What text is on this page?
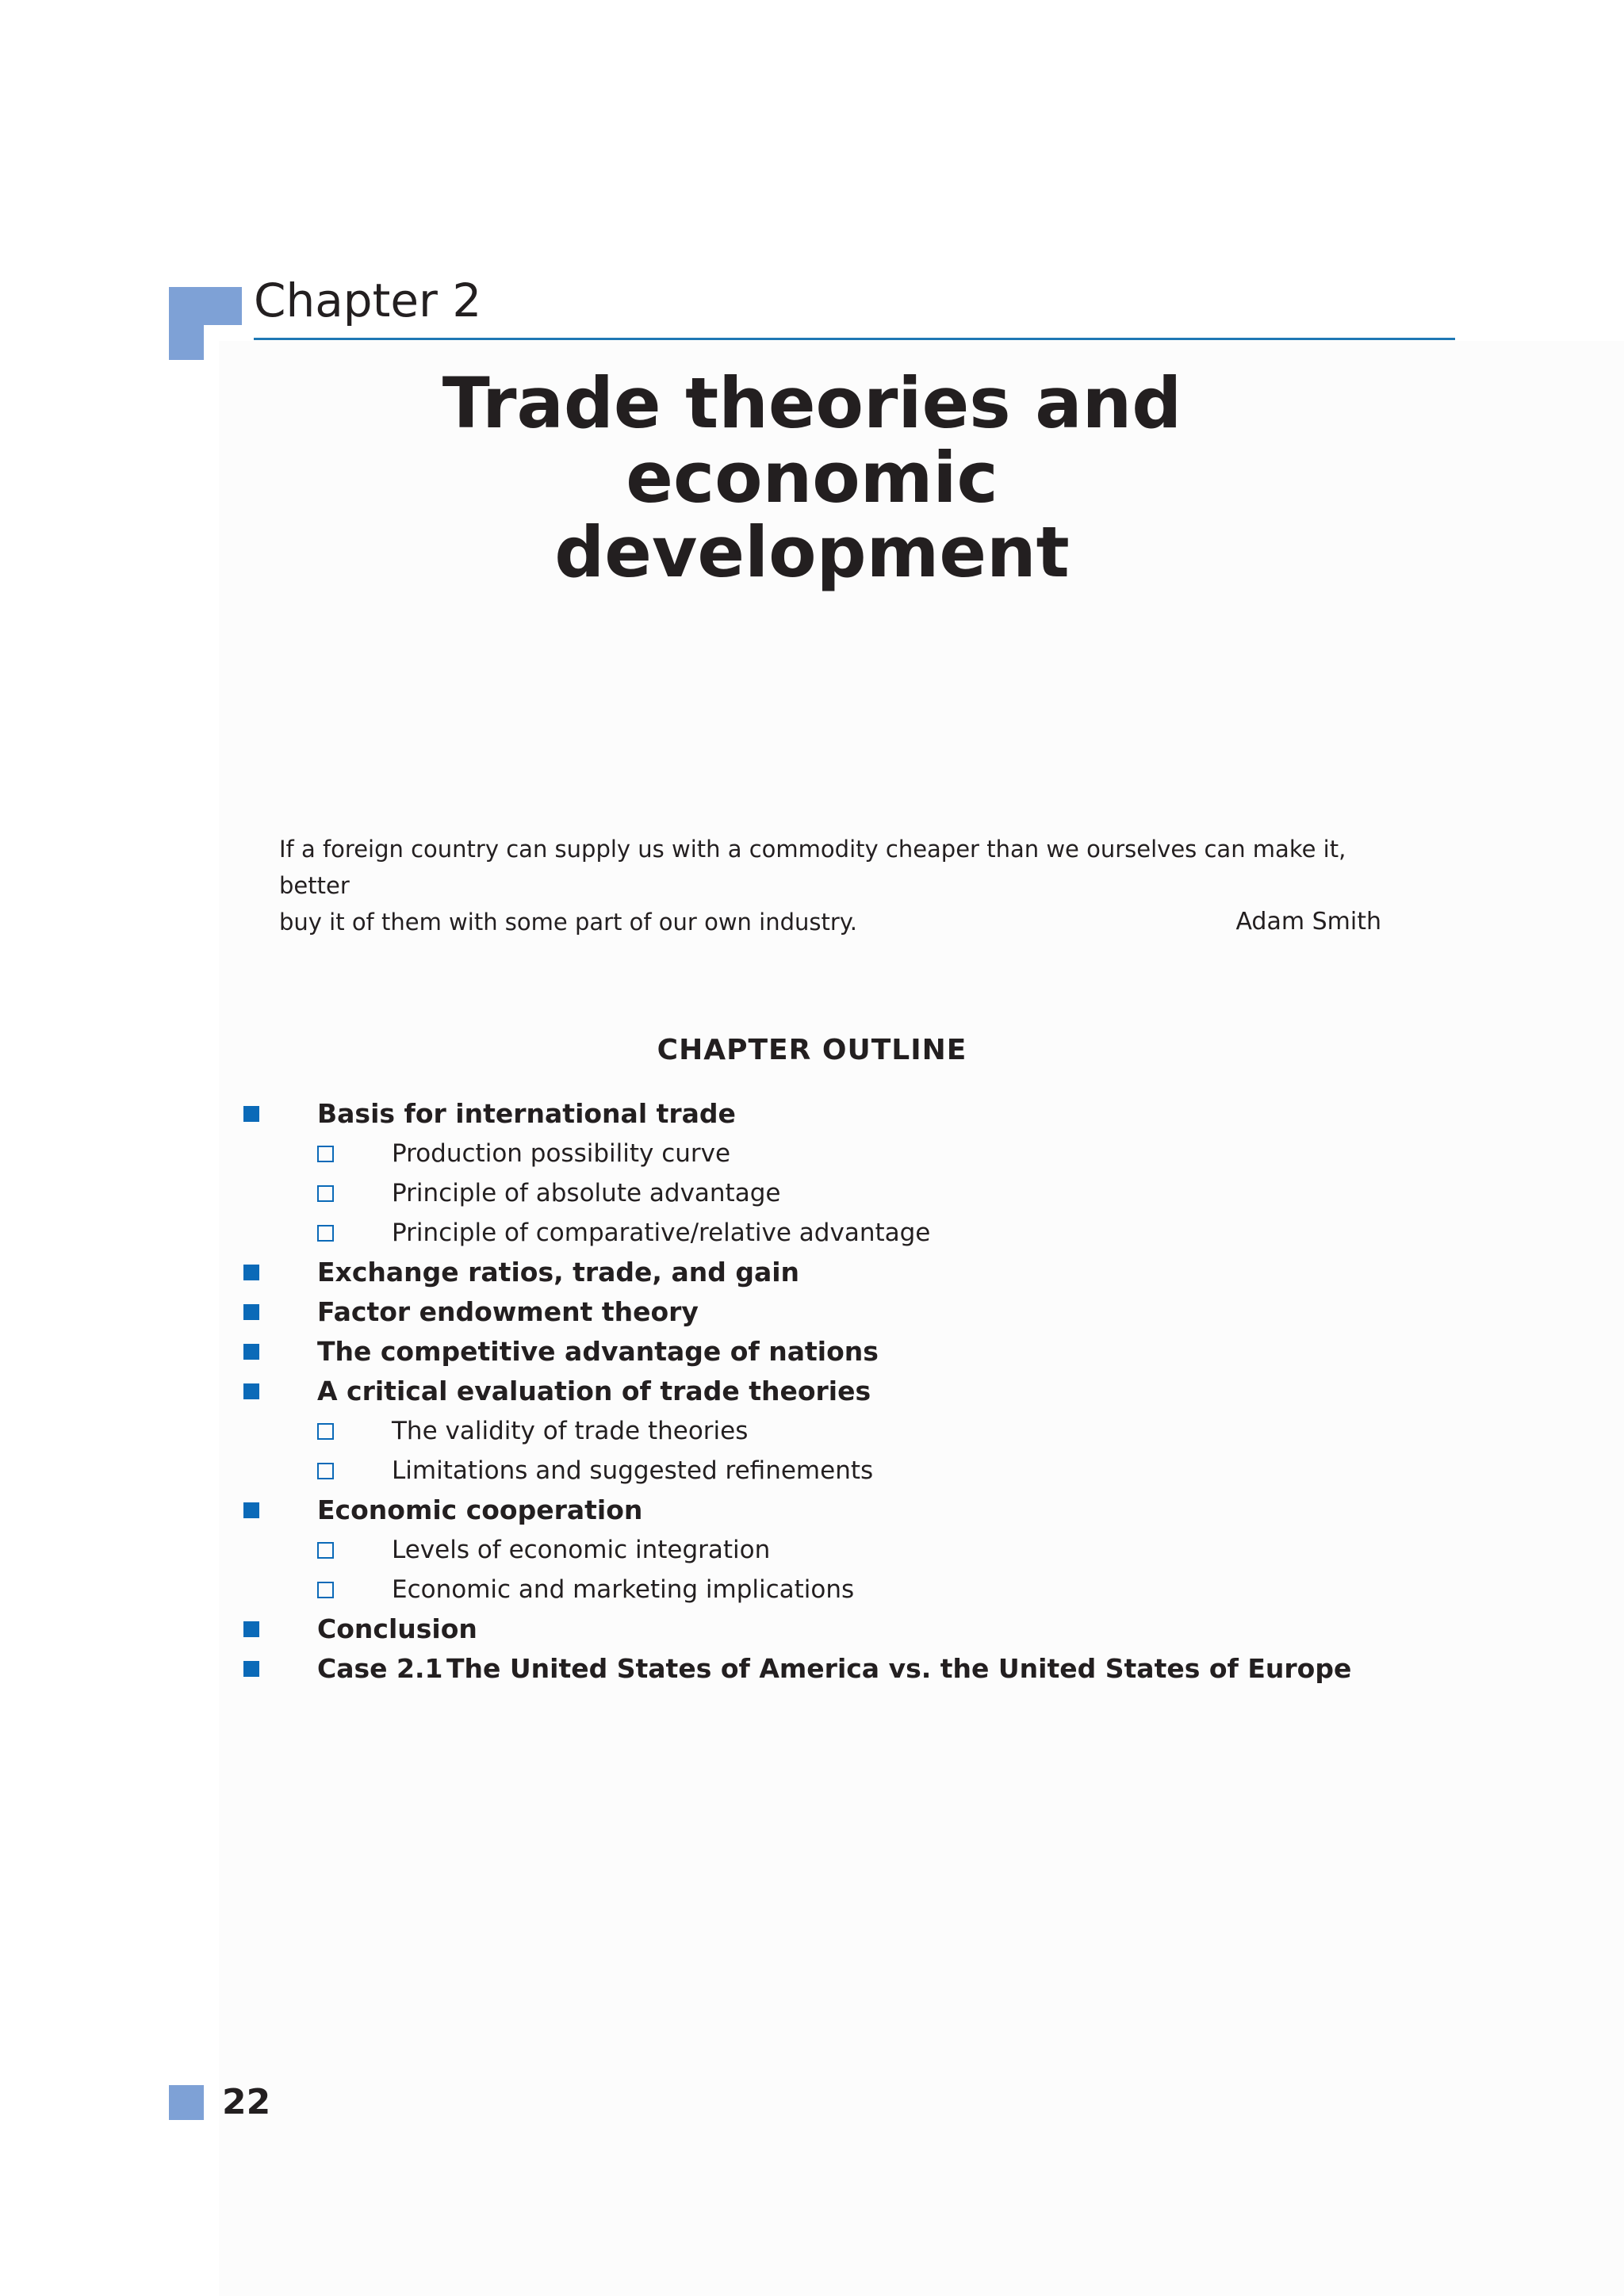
Chapter 2
Trade theories and economic
development

If a foreign country can supply us with a commodity cheaper than we ourselves can make it, better
buy it of them with some part of our own industry.	Adam Smith
CHAPTER OUTLINE
Basis for international trade
Production possibility curve
Principle of absolute advantage
Principle of comparative/relative advantage
Exchange ratios, trade, and gain
Factor endowment theory
The competitive advantage of nations
A critical evaluation of trade theories
The validity of trade theories
Limitations and suggested refinements
Economic cooperation
Levels of economic integration
Economic and marketing implications
Conclusion
Case 2.1 The United States of America vs. the United States of Europe
22
